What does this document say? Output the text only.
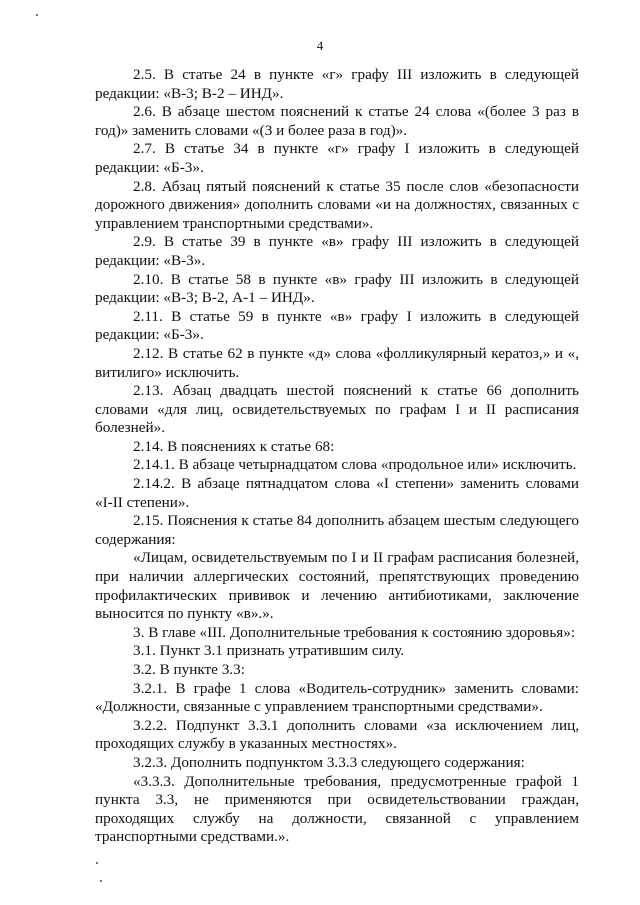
4

2.5. В статье 24 в пункте «г» графу III изложить в следующей редакции: «В-3; В-2 – ИНД».

2.6. В абзаце шестом пояснений к статье 24 слова «(более 3 раз в год)» заменить словами «(3 и более раза в год)».

2.7. В статье 34 в пункте «г» графу I изложить в следующей редакции: «Б-3».

2.8. Абзац пятый пояснений к статье 35 после слов «безопасности дорожного движения» дополнить словами «и на должностях, связанных с управлением транспортными средствами».

2.9. В статье 39 в пункте «в» графу III изложить в следующей редакции: «В-3».

2.10. В статье 58 в пункте «в» графу III изложить в следующей редакции: «В-3; В-2, А-1 – ИНД».

2.11. В статье 59 в пункте «в» графу I изложить в следующей редакции: «Б-3».

2.12. В статье 62 в пункте «д» слова «фолликулярный кератоз,» и «, витилиго» исключить.

2.13. Абзац двадцать шестой пояснений к статье 66 дополнить словами «для лиц, освидетельствуемых по графам I и II расписания болезней».

2.14. В пояснениях к статье 68:

2.14.1. В абзаце четырнадцатом слова «продольное или» исключить.

2.14.2. В абзаце пятнадцатом слова «I степени» заменить словами «I-II степени».

2.15. Пояснения к статье 84 дополнить абзацем шестым следующего содержания:

«Лицам, освидетельствуемым по I и II графам расписания болезней, при наличии аллергических состояний, препятствующих проведению профилактических прививок и лечению антибиотиками, заключение выносится по пункту «в».».

3. В главе «III. Дополнительные требования к состоянию здоровья»:

3.1. Пункт 3.1 признать утратившим силу.

3.2. В пункте 3.3:

3.2.1. В графе 1 слова «Водитель-сотрудник» заменить словами: «Должности, связанные с управлением транспортными средствами».

3.2.2. Подпункт 3.3.1 дополнить словами «за исключением лиц, проходящих службу в указанных местностях».

3.2.3. Дополнить подпунктом 3.3.3 следующего содержания:

«3.3.3. Дополнительные требования, предусмотренные графой 1 пункта 3.3, не применяются при освидетельствовании граждан, проходящих службу на должности, связанной с управлением транспортными средствами.».
